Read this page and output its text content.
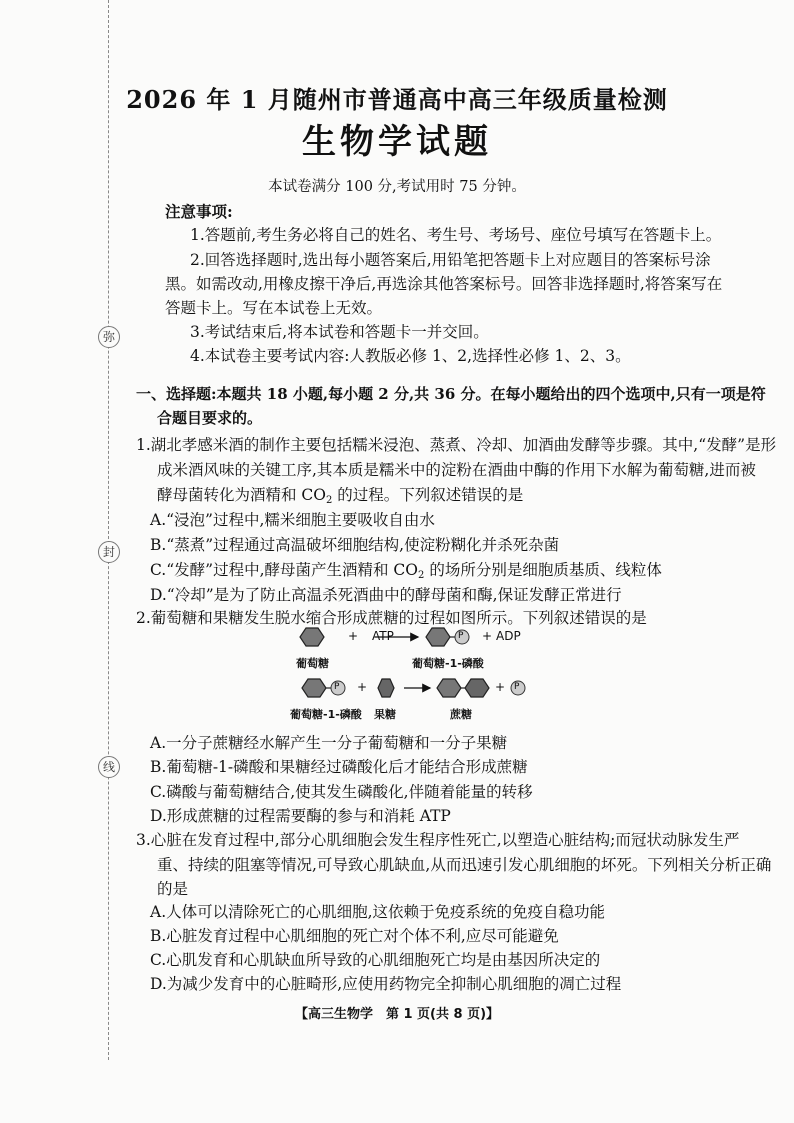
弥
封
线
2026 年 1 月随州市普通高中高三年级质量检测
生物学试题
本试卷满分 100 分,考试用时 75 分钟。
注意事项:
1.答题前,考生务必将自己的姓名、考生号、考场号、座位号填写在答题卡上。
2.回答选择题时,选出每小题答案后,用铅笔把答题卡上对应题目的答案标号涂
黑。如需改动,用橡皮擦干净后,再选涂其他答案标号。回答非选择题时,将答案写在
答题卡上。写在本试卷上无效。
3.考试结束后,将本试卷和答题卡一并交回。
4.本试卷主要考试内容:人教版必修 1、2,选择性必修 1、2、3。
一、选择题:本题共 18 小题,每小题 2 分,共 36 分。在每小题给出的四个选项中,只有一项是符
合题目要求的。
1.湖北孝感米酒的制作主要包括糯米浸泡、蒸煮、冷却、加酒曲发酵等步骤。其中,“发酵”是形
成米酒风味的关键工序,其本质是糯米中的淀粉在酒曲中酶的作用下水解为葡萄糖,进而被
酵母菌转化为酒精和 $CO_2$ 的过程。下列叙述错误的是
A.“浸泡”过程中,糯米细胞主要吸收自由水
B.“蒸煮”过程通过高温破坏细胞结构,使淀粉糊化并杀死杂菌
C.“发酵”过程中,酵母菌产生酒精和 $CO_2$ 的场所分别是细胞质基质、线粒体
D.“冷却”是为了防止高温杀死酒曲中的酵母菌和酶,保证发酵正常进行
2.葡萄糖和果糖发生脱水缩合形成蔗糖的过程如图所示。下列叙述错误的是
+ ATP	+ ADP
P
葡萄糖	葡萄糖-1-磷酸
P +	+ P
葡萄糖-1-磷酸 果糖	蔗糖
A.一分子蔗糖经水解产生一分子葡萄糖和一分子果糖
B.葡萄糖-1-磷酸和果糖经过磷酸化后才能结合形成蔗糖
C.磷酸与葡萄糖结合,使其发生磷酸化,伴随着能量的转移
D.形成蔗糖的过程需要酶的参与和消耗 ATP
3.心脏在发育过程中,部分心肌细胞会发生程序性死亡,以塑造心脏结构;而冠状动脉发生严
重、持续的阻塞等情况,可导致心肌缺血,从而迅速引发心肌细胞的坏死。下列相关分析正确
的是
A.人体可以清除死亡的心肌细胞,这依赖于免疫系统的免疫自稳功能
B.心脏发育过程中心肌细胞的死亡对个体不利,应尽可能避免
C.心肌发育和心肌缺血所导致的心肌细胞死亡均是由基因所决定的
D.为减少发育中的心脏畸形,应使用药物完全抑制心肌细胞的凋亡过程
【高三生物学　第 1 页(共 8 页)】
